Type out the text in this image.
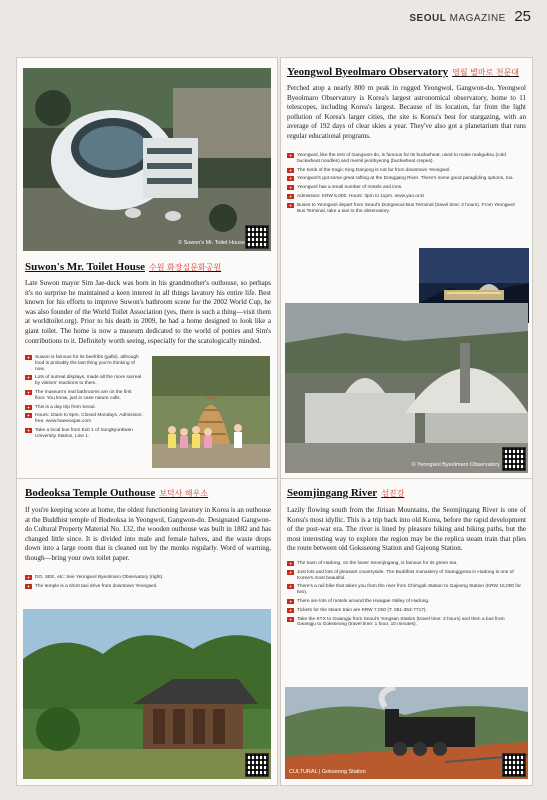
SEOUL MAGAZINE 25
© Suwon's Mr. Toilet House
Suwon's Mr. Toilet House 수원 화장실문화공원

Late Suwon mayor Sim Jae-duck was born in his grandmother's outhouse, so perhaps it's no surprise he maintained a keen interest in all things lavatory his entire life. Best known for his efforts to improve Suwon's bathroom scene for the 2002 World Cup, he was also founder of the World Toilet Association (yes, there is such a thing—visit them at worldtoilet.org). Prior to his death in 2009, he had a home designed to look like a giant toilet. The home is now a museum dedicated to the world of potties and Sim's contributions to it. Definitely worth seeing, especially for the scatologically minded.

✦	Suwon is famous for its beefribs (galbi), although food is probably the last thing you're thinking of now.
✦	Lots of surreal displays, made all the more surreal by visitors' reactions to them.
✦	The museum's real bathrooms are on the first floor. You know, just in case nature calls.
✦	This is a day trip from Seoul.
✦	Hours: 10am to 6pm. Closed Mondays. Admission: free. www.haewoojae.com
✦	Take a local bus from Exit 1 of Sungkyunkwan University Station, Line 1.
Yeongwol Byeolmaro Observatory 영월 별마로 천문대

Perched atop a nearly 800 m peak in rugged Yeongwol, Gangwon-do, Yeongwol Byeolmaro Observatory is Korea's largest astronomical observatory, home to 11 telescopes, including Korea's largest. Because of its location, far from the light pollution of Korea's larger cities, the site is Korea's best for stargazing, with an average of 192 days of clear skies a year. They've also got a planetarium that runs regular educational programs.

✦	Yeongwol, like the rest of Gangwon-do, is famous for its buckwheat, used to make makguksu (cold buckwheat noodles) and memil jeonbyeong (buckwheat crepes).
✦	The tomb of the tragic King Danjong is not far from downtown Yeongwol.
✦	Yeongwol's got some great rafting at the Donggang River. There's some good paragliding options, too.
✦	Yeongwol has a small number of motels and inns.
✦	Admission: KRW 5,000. Hours: 3pm to 11pm. www.yao.or.kr
✦	Buses to Yeongwol depart from Seoul's Dongseoul Bus Terminal (travel time: 2 hours). From Yeongwol Bus Terminal, take a taxi to the observatory.
© Yeongwol Byeolmaro Observatory
Bodeoksa Temple Outhouse 보덕사 해우소

If you're keeping score at home, the oldest functioning lavatory in Korea is an outhouse at the Buddhist temple of Bodeoksa in Yeongwol, Gangwon-do. Designated Gangwon-do Cultural Property Material No. 132, the wooden outhouse was built in 1882 and has changed little since. It is divided into male and female halves, and the waste drops down into a large room that is cleaned out by the monks regularly. Word of warning, though—bring your own toilet paper.

✦	DO, SEE, etc: See Yeongwol Byeolmaro Observatory (right).
✦	The temple is a short taxi drive from downtown Yeongwol.
Seomjingang River 섬진강

Lazily flowing south from the Jirisan Mountains, the Seomjingang River is one of Korea's most idyllic. This is a trip back into old Korea, before the rapid development of the post-war era. The river is lined by pleasure hiking and biking paths, but the most interesting way to explore the region may be the replica steam train that plies the route between old Goksseong Station and Gajeong Station.

✦	The town of Hadong, on the lower Seomjingang, is famous for its green tea.
✦	Just lots and lots of pleasant countryside. The Buddhist monastery of Ssanggyesa in Hadong is one of Korea's most beautiful.
✦	There's a rail bike that takes you from the river from Chimgok Station to Gajeong Station (KRW 15,000 for two).
✦	There are lots of motels around the Hwagae Valley of Hadong.
✦	Tickets for the steam train are KRW 7,000 (T. 061-362-7717).
✦	Take the KTX to Gwangju from Seoul's Yongsan Station (travel time: 3 hours) and then a bus from Gwangju to Goksseong (travel time: 1 hour, 10 minutes).
CULTURAL | Gokseong Station
